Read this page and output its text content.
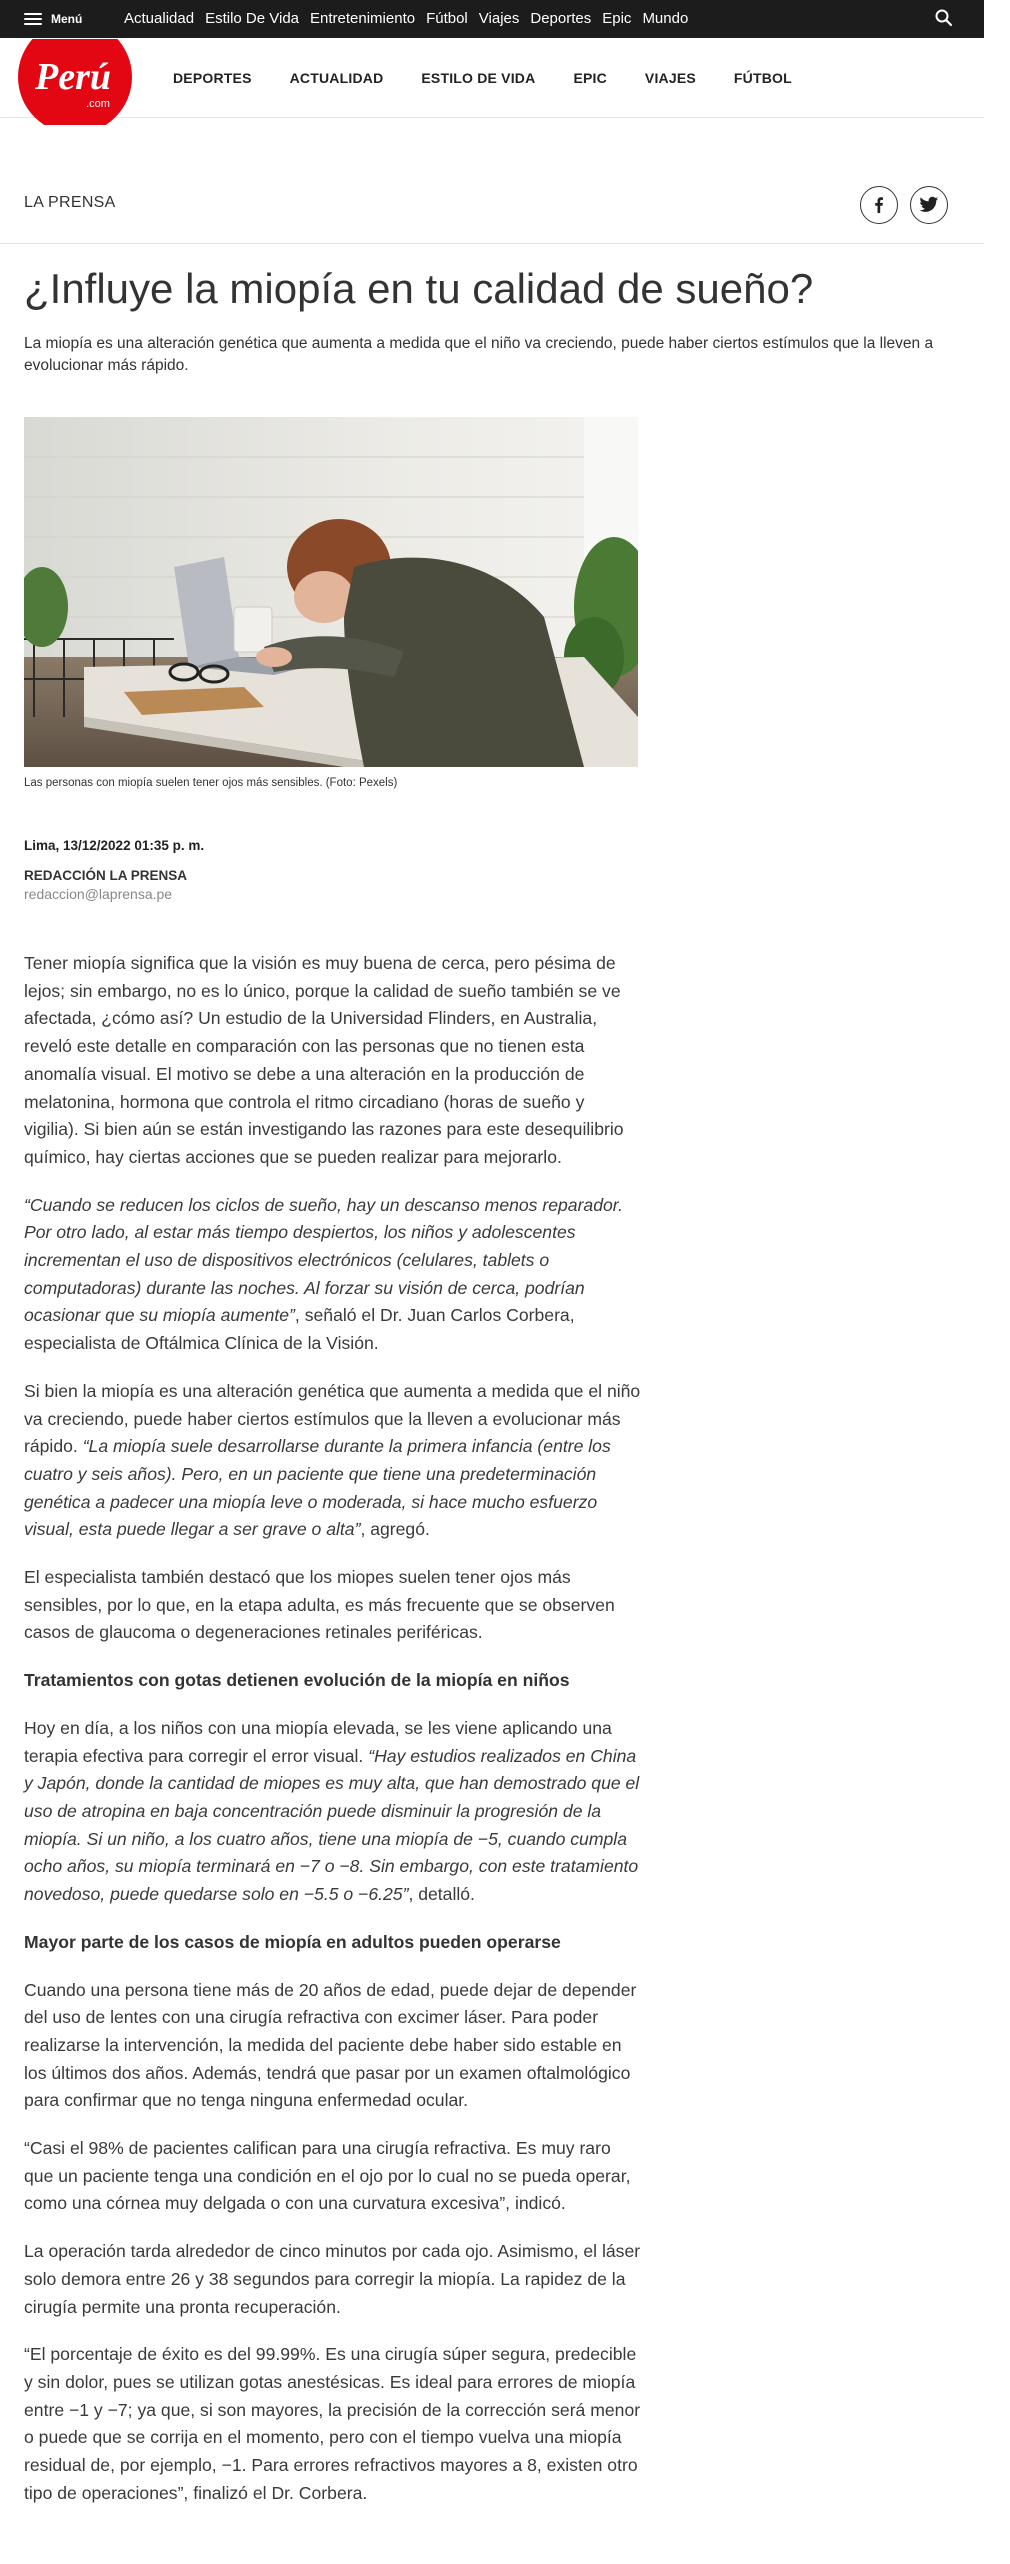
Menú	Actualidad Estilo De Vida Entretenimiento Fútbol Viajes Deportes Epic Mundo
Perú
.com
DEPORTES	ACTUALIDAD	ESTILO DE VIDA	EPIC	VIAJES	FÚTBOL
LA PRENSA
¿Influye la miopía en tu calidad de sueño?

La miopía es una alteración genética que aumenta a medida que el niño va creciendo, puede haber ciertos estímulos que la lleven a evolucionar más rápido.

Las personas con miopía suelen tener ojos más sensibles. (Foto: Pexels)

Lima, 13/12/2022 01:35 p. m.

REDACCIÓN LA PRENSA

redaccion@laprensa.pe

Tener miopía significa que la visión es muy buena de cerca, pero pésima de lejos; sin embargo, no es lo único, porque la calidad de sueño también se ve afectada, ¿cómo así? Un estudio de la Universidad Flinders, en Australia, reveló este detalle en comparación con las personas que no tienen esta anomalía visual. El motivo se debe a una alteración en la producción de melatonina, hormona que controla el ritmo circadiano (horas de sueño y vigilia). Si bien aún se están investigando las razones para este desequilibrio químico, hay ciertas acciones que se pueden realizar para mejorarlo.

“Cuando se reducen los ciclos de sueño, hay un descanso menos reparador. Por otro lado, al estar más tiempo despiertos, los niños y adolescentes incrementan el uso de dispositivos electrónicos (celulares, tablets o computadoras) durante las noches. Al forzar su visión de cerca, podrían ocasionar que su miopía aumente”, señaló el Dr. Juan Carlos Corbera, especialista de Oftálmica Clínica de la Visión.

Si bien la miopía es una alteración genética que aumenta a medida que el niño va creciendo, puede haber ciertos estímulos que la lleven a evolucionar más rápido. “La miopía suele desarrollarse durante la primera infancia (entre los cuatro y seis años). Pero, en un paciente que tiene una predeterminación genética a padecer una miopía leve o moderada, si hace mucho esfuerzo visual, esta puede llegar a ser grave o alta”, agregó.

El especialista también destacó que los miopes suelen tener ojos más sensibles, por lo que, en la etapa adulta, es más frecuente que se observen casos de glaucoma o degeneraciones retinales periféricas.

Tratamientos con gotas detienen evolución de la miopía en niños

Hoy en día, a los niños con una miopía elevada, se les viene aplicando una terapia efectiva para corregir el error visual. “Hay estudios realizados en China y Japón, donde la cantidad de miopes es muy alta, que han demostrado que el uso de atropina en baja concentración puede disminuir la progresión de la miopía. Si un niño, a los cuatro años, tiene una miopía de −5, cuando cumpla ocho años, su miopía terminará en −7 o −8. Sin embargo, con este tratamiento novedoso, puede quedarse solo en −5.5 o −6.25”, detalló.

Mayor parte de los casos de miopía en adultos pueden operarse

Cuando una persona tiene más de 20 años de edad, puede dejar de depender del uso de lentes con una cirugía refractiva con excimer láser. Para poder realizarse la intervención, la medida del paciente debe haber sido estable en los últimos dos años. Además, tendrá que pasar por un examen oftalmológico para confirmar que no tenga ninguna enfermedad ocular.

“Casi el 98% de pacientes califican para una cirugía refractiva. Es muy raro que un paciente tenga una condición en el ojo por lo cual no se pueda operar, como una córnea muy delgada o con una curvatura excesiva”, indicó.

La operación tarda alrededor de cinco minutos por cada ojo. Asimismo, el láser solo demora entre 26 y 38 segundos para corregir la miopía. La rapidez de la cirugía permite una pronta recuperación.

“El porcentaje de éxito es del 99.99%. Es una cirugía súper segura, predecible y sin dolor, pues se utilizan gotas anestésicas. Es ideal para errores de miopía entre −1 y −7; ya que, si son mayores, la precisión de la corrección será menor o puede que se corrija en el momento, pero con el tiempo vuelva una miopía residual de, por ejemplo, −1. Para errores refractivos mayores a 8, existen otro tipo de operaciones”, finalizó el Dr. Corbera.
